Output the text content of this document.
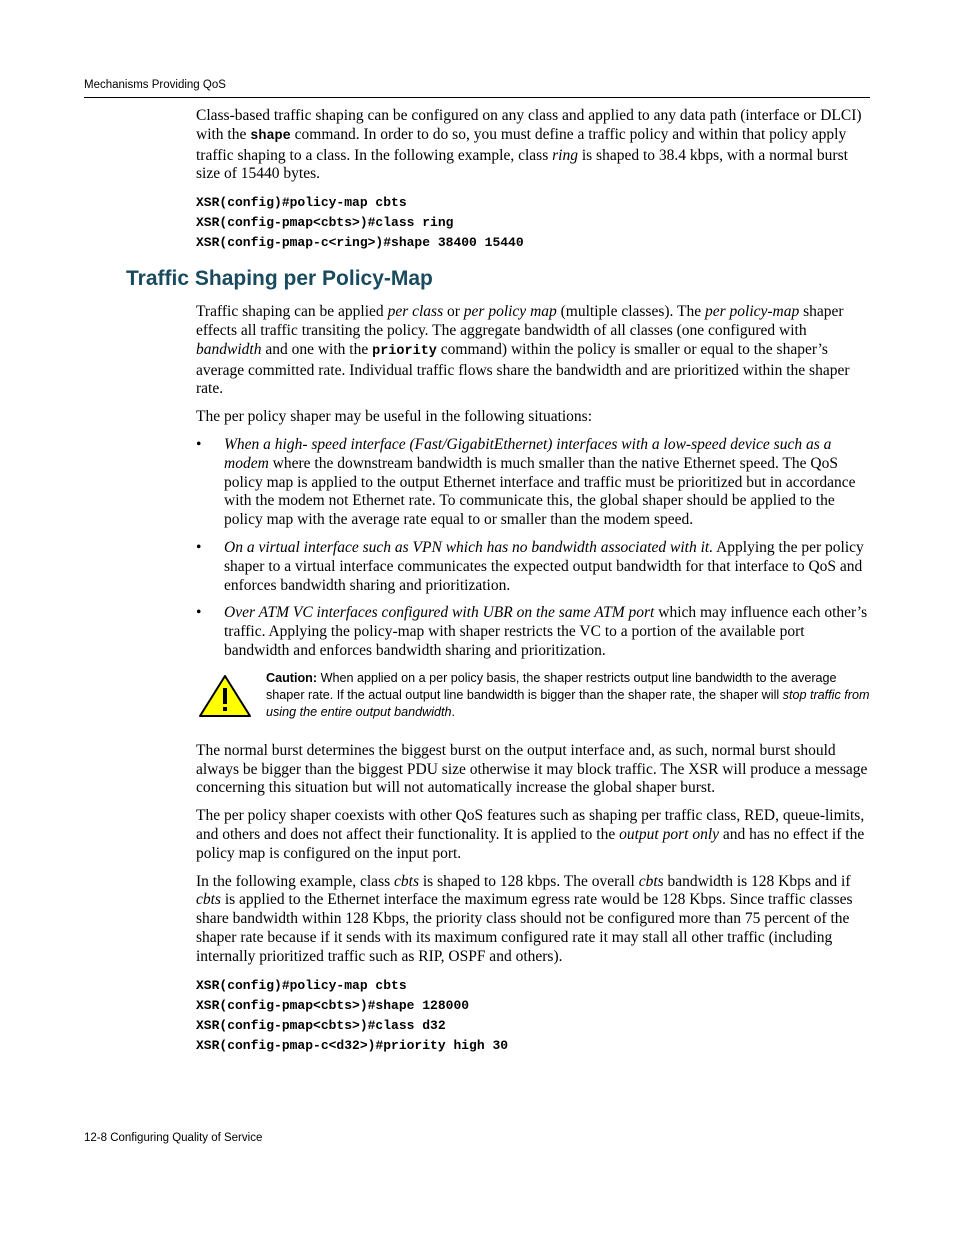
Mechanisms Providing QoS

Class-based traffic shaping can be configured on any class and applied to any data path (interface or DLCI) with the shape command. In order to do so, you must define a traffic policy and within that policy apply traffic shaping to a class. In the following example, class ring is shaped to 38.4 kbps, with a normal burst size of 15440 bytes.

XSR(config)#policy-map cbts
XSR(config-pmap<cbts>)#class ring
XSR(config-pmap-c<ring>)#shape 38400 15440
Traffic Shaping per Policy-Map

Traffic shaping can be applied per class or per policy map (multiple classes). The per policy-map shaper effects all traffic transiting the policy. The aggregate bandwidth of all classes (one configured with bandwidth and one with the priority command) within the policy is smaller or equal to the shaper’s average committed rate. Individual traffic flows share the bandwidth and are prioritized within the shaper rate.

The per policy shaper may be useful in the following situations:

• When a high- speed interface (Fast/GigabitEthernet) interfaces with a low-speed device such as a modem where the downstream bandwidth is much smaller than the native Ethernet speed. The QoS policy map is applied to the output Ethernet interface and traffic must be prioritized but in accordance with the modem not Ethernet rate. To communicate this, the global shaper should be applied to the policy map with the average rate equal to or smaller than the modem speed.
• On a virtual interface such as VPN which has no bandwidth associated with it. Applying the per policy shaper to a virtual interface communicates the expected output bandwidth for that interface to QoS and enforces bandwidth sharing and prioritization.
• Over ATM VC interfaces configured with UBR on the same ATM port which may influence each other’s traffic. Applying the policy-map with shaper restricts the VC to a portion of the available port bandwidth and enforces bandwidth sharing and prioritization.
Caution: When applied on a per policy basis, the shaper restricts output line bandwidth to the average shaper rate. If the actual output line bandwidth is bigger than the shaper rate, the shaper will stop traffic from using the entire output bandwidth.

The normal burst determines the biggest burst on the output interface and, as such, normal burst should always be bigger than the biggest PDU size otherwise it may block traffic. The XSR will produce a message concerning this situation but will not automatically increase the global shaper burst.

The per policy shaper coexists with other QoS features such as shaping per traffic class, RED, queue-limits, and others and does not affect their functionality. It is applied to the output port only and has no effect if the policy map is configured on the input port.

In the following example, class cbts is shaped to 128 kbps. The overall cbts bandwidth is 128 Kbps and if cbts is applied to the Ethernet interface the maximum egress rate would be 128 Kbps. Since traffic classes share bandwidth within 128 Kbps, the priority class should not be configured more than 75 percent of the shaper rate because if it sends with its maximum configured rate it may stall all other traffic (including internally prioritized traffic such as RIP, OSPF and others).

XSR(config)#policy-map cbts
XSR(config-pmap<cbts>)#shape 128000
XSR(config-pmap<cbts>)#class d32
XSR(config-pmap-c<d32>)#priority high 30
12-8 Configuring Quality of Service
